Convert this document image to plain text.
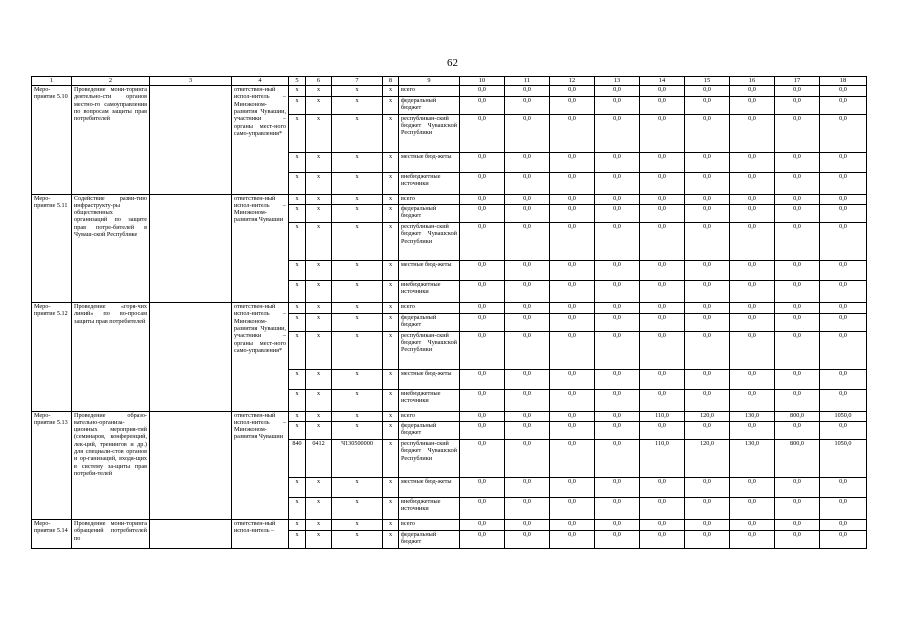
62
1	2	3	4	5	6	7	8	9	10	11	12	13	14	15	16	17	18
Меро-приятие 5.10	Проведение мони-торинга деятельно-сти органов местно-го самоуправления по вопросам защиты прав потребителей		ответствен-ный испол-нитель – Минэконом-развития Чувашии, участники – органы мест-ного само-управления*	x	x	x	x	всего	0,0	0,0	0,0	0,0	0,0	0,0	0,0	0,0	0,0
				x	x	x	x	федеральный бюджет	0,0	0,0	0,0	0,0	0,0	0,0	0,0	0,0	0,0
				x	x	x	x	республикан-ский бюджет Чувашской Республики	0,0	0,0	0,0	0,0	0,0	0,0	0,0	0,0	0,0
				x	x	x	x	местные бюд-жеты	0,0	0,0	0,0	0,0	0,0	0,0	0,0	0,0	0,0
				x	x	x	x	внебюджетные источники	0,0	0,0	0,0	0,0	0,0	0,0	0,0	0,0	0,0
Меро-приятие 5.11	Содействие разви-тию инфраструкту-ры общественных организаций по защите прав потре-бителей в Чуваш-ской Республике		ответствен-ный испол-нитель – Минэконом-развития Чувашии	x	x	x	x	всего	0,0	0,0	0,0	0,0	0,0	0,0	0,0	0,0	0,0
				x	x	x	x	федеральный бюджет	0,0	0,0	0,0	0,0	0,0	0,0	0,0	0,0	0,0
				x	x	x	x	республикан-ский бюджет Чувашской Республики	0,0	0,0	0,0	0,0	0,0	0,0	0,0	0,0	0,0
				x	x	x	x	местные бюд-жеты	0,0	0,0	0,0	0,0	0,0	0,0	0,0	0,0	0,0
				x	x	x	x	внебюджетные источники	0,0	0,0	0,0	0,0	0,0	0,0	0,0	0,0	0,0
Меро-приятие 5.12	Проведение «горя-чих линий» по во-просам защиты прав потребителей		ответствен-ный испол-нитель – Минэконом-развития Чувашии, участники – органы мест-ного само-управления*	x	x	x	x	всего	0,0	0,0	0,0	0,0	0,0	0,0	0,0	0,0	0,0
				x	x	x	x	федеральный бюджет	0,0	0,0	0,0	0,0	0,0	0,0	0,0	0,0	0,0
				x	x	x	x	республикан-ский бюджет Чувашской Республики	0,0	0,0	0,0	0,0	0,0	0,0	0,0	0,0	0,0
				x	x	x	x	местные бюд-жеты	0,0	0,0	0,0	0,0	0,0	0,0	0,0	0,0	0,0
				x	x	x	x	внебюджетные источники	0,0	0,0	0,0	0,0	0,0	0,0	0,0	0,0	0,0
Меро-приятие 5.13	Проведение образо-вательно-организа-ционных мероприя-тий (семинаров, конференций, лек-ций, тренингов и др.) для специали-стов органов и ор-ганизаций, входя-щих в систему за-щиты прав потреби-телей		ответствен-ный испол-нитель – Минэконом-развития Чувашии	x	x	x	x	всего	0,0	0,0	0,0	0,0	110,0	120,0	130,0	800,0	1050,0
				x	x	x	x	федеральный бюджет	0,0	0,0	0,0	0,0	0,0	0,0	0,0	0,0	0,0
				840	0412	Ч130500000	x	республикан-ский бюджет Чувашской Республики	0,0	0,0	0,0	0,0	110,0	120,0	130,0	800,0	1050,0
				x	x	x	x	местные бюд-жеты	0,0	0,0	0,0	0,0	0,0	0,0	0,0	0,0	0,0
				x	x	x	x	внебюджетные источники	0,0	0,0	0,0	0,0	0,0	0,0	0,0	0,0	0,0
Меро-приятие 5.14	Проведение мони-торинга обращений потребителей по		ответствен-ный испол-нитель –	x	x	x	x	всего	0,0	0,0	0,0	0,0	0,0	0,0	0,0	0,0	0,0
				x	x	x	x	федеральный бюджет	0,0	0,0	0,0	0,0	0,0	0,0	0,0	0,0	0,0
